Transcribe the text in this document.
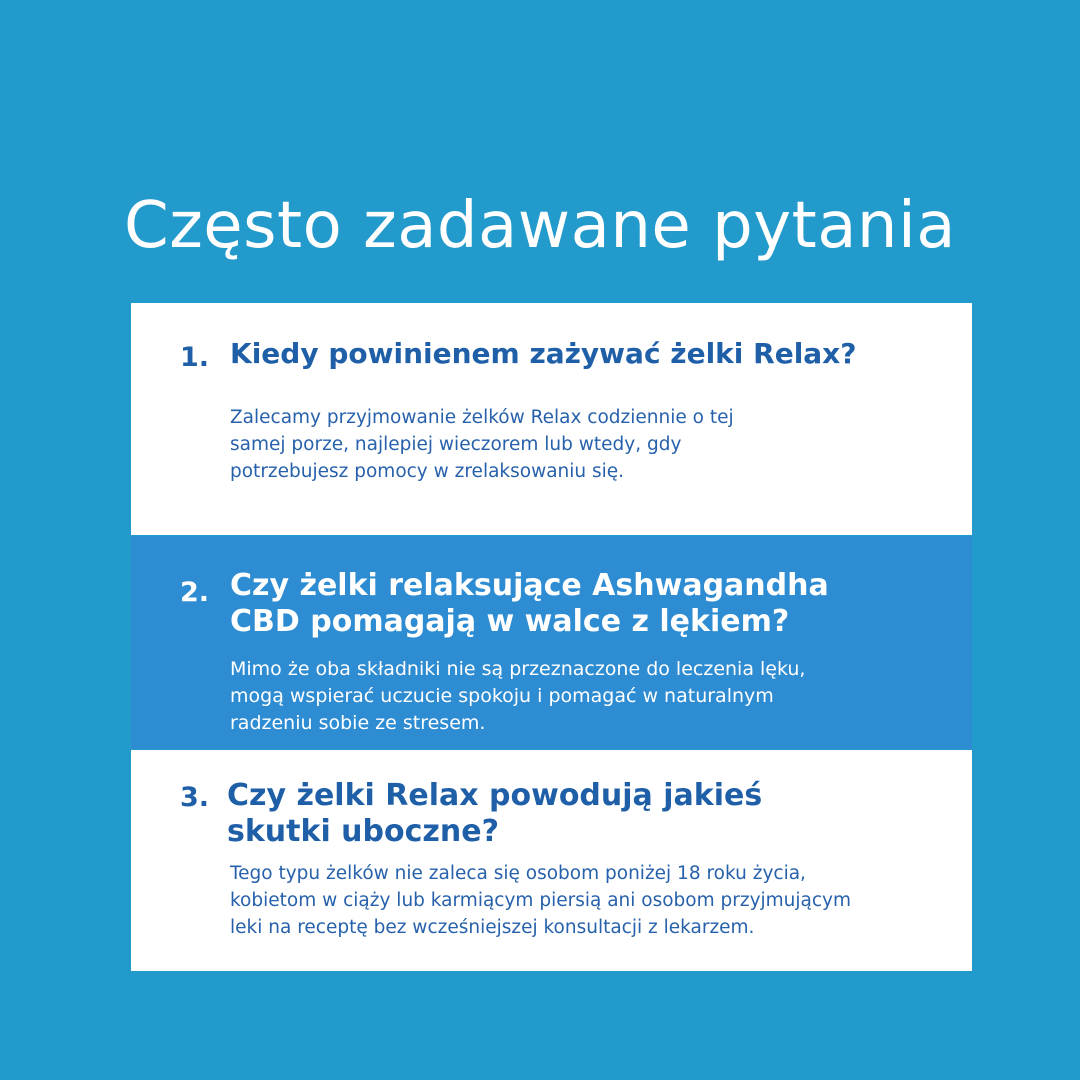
Często zadawane pytania
1. Kiedy powinienem zażywać żelki Relax?

Zalecamy przyjmowanie żelków Relax codziennie o tej
samej porze, najlepiej wieczorem lub wtedy, gdy
potrzebujesz pomocy w zrelaksowaniu się.

2. Czy żelki relaksujące Ashwagandha
CBD pomagają w walce z lękiem?

Mimo że oba składniki nie są przeznaczone do leczenia lęku,
mogą wspierać uczucie spokoju i pomagać w naturalnym
radzeniu sobie ze stresem.

3. Czy żelki Relax powodują jakieś
skutki uboczne?

Tego typu żelków nie zaleca się osobom poniżej 18 roku życia,
kobietom w ciąży lub karmiącym piersią ani osobom przyjmującym
leki na receptę bez wcześniejszej konsultacji z lekarzem.
